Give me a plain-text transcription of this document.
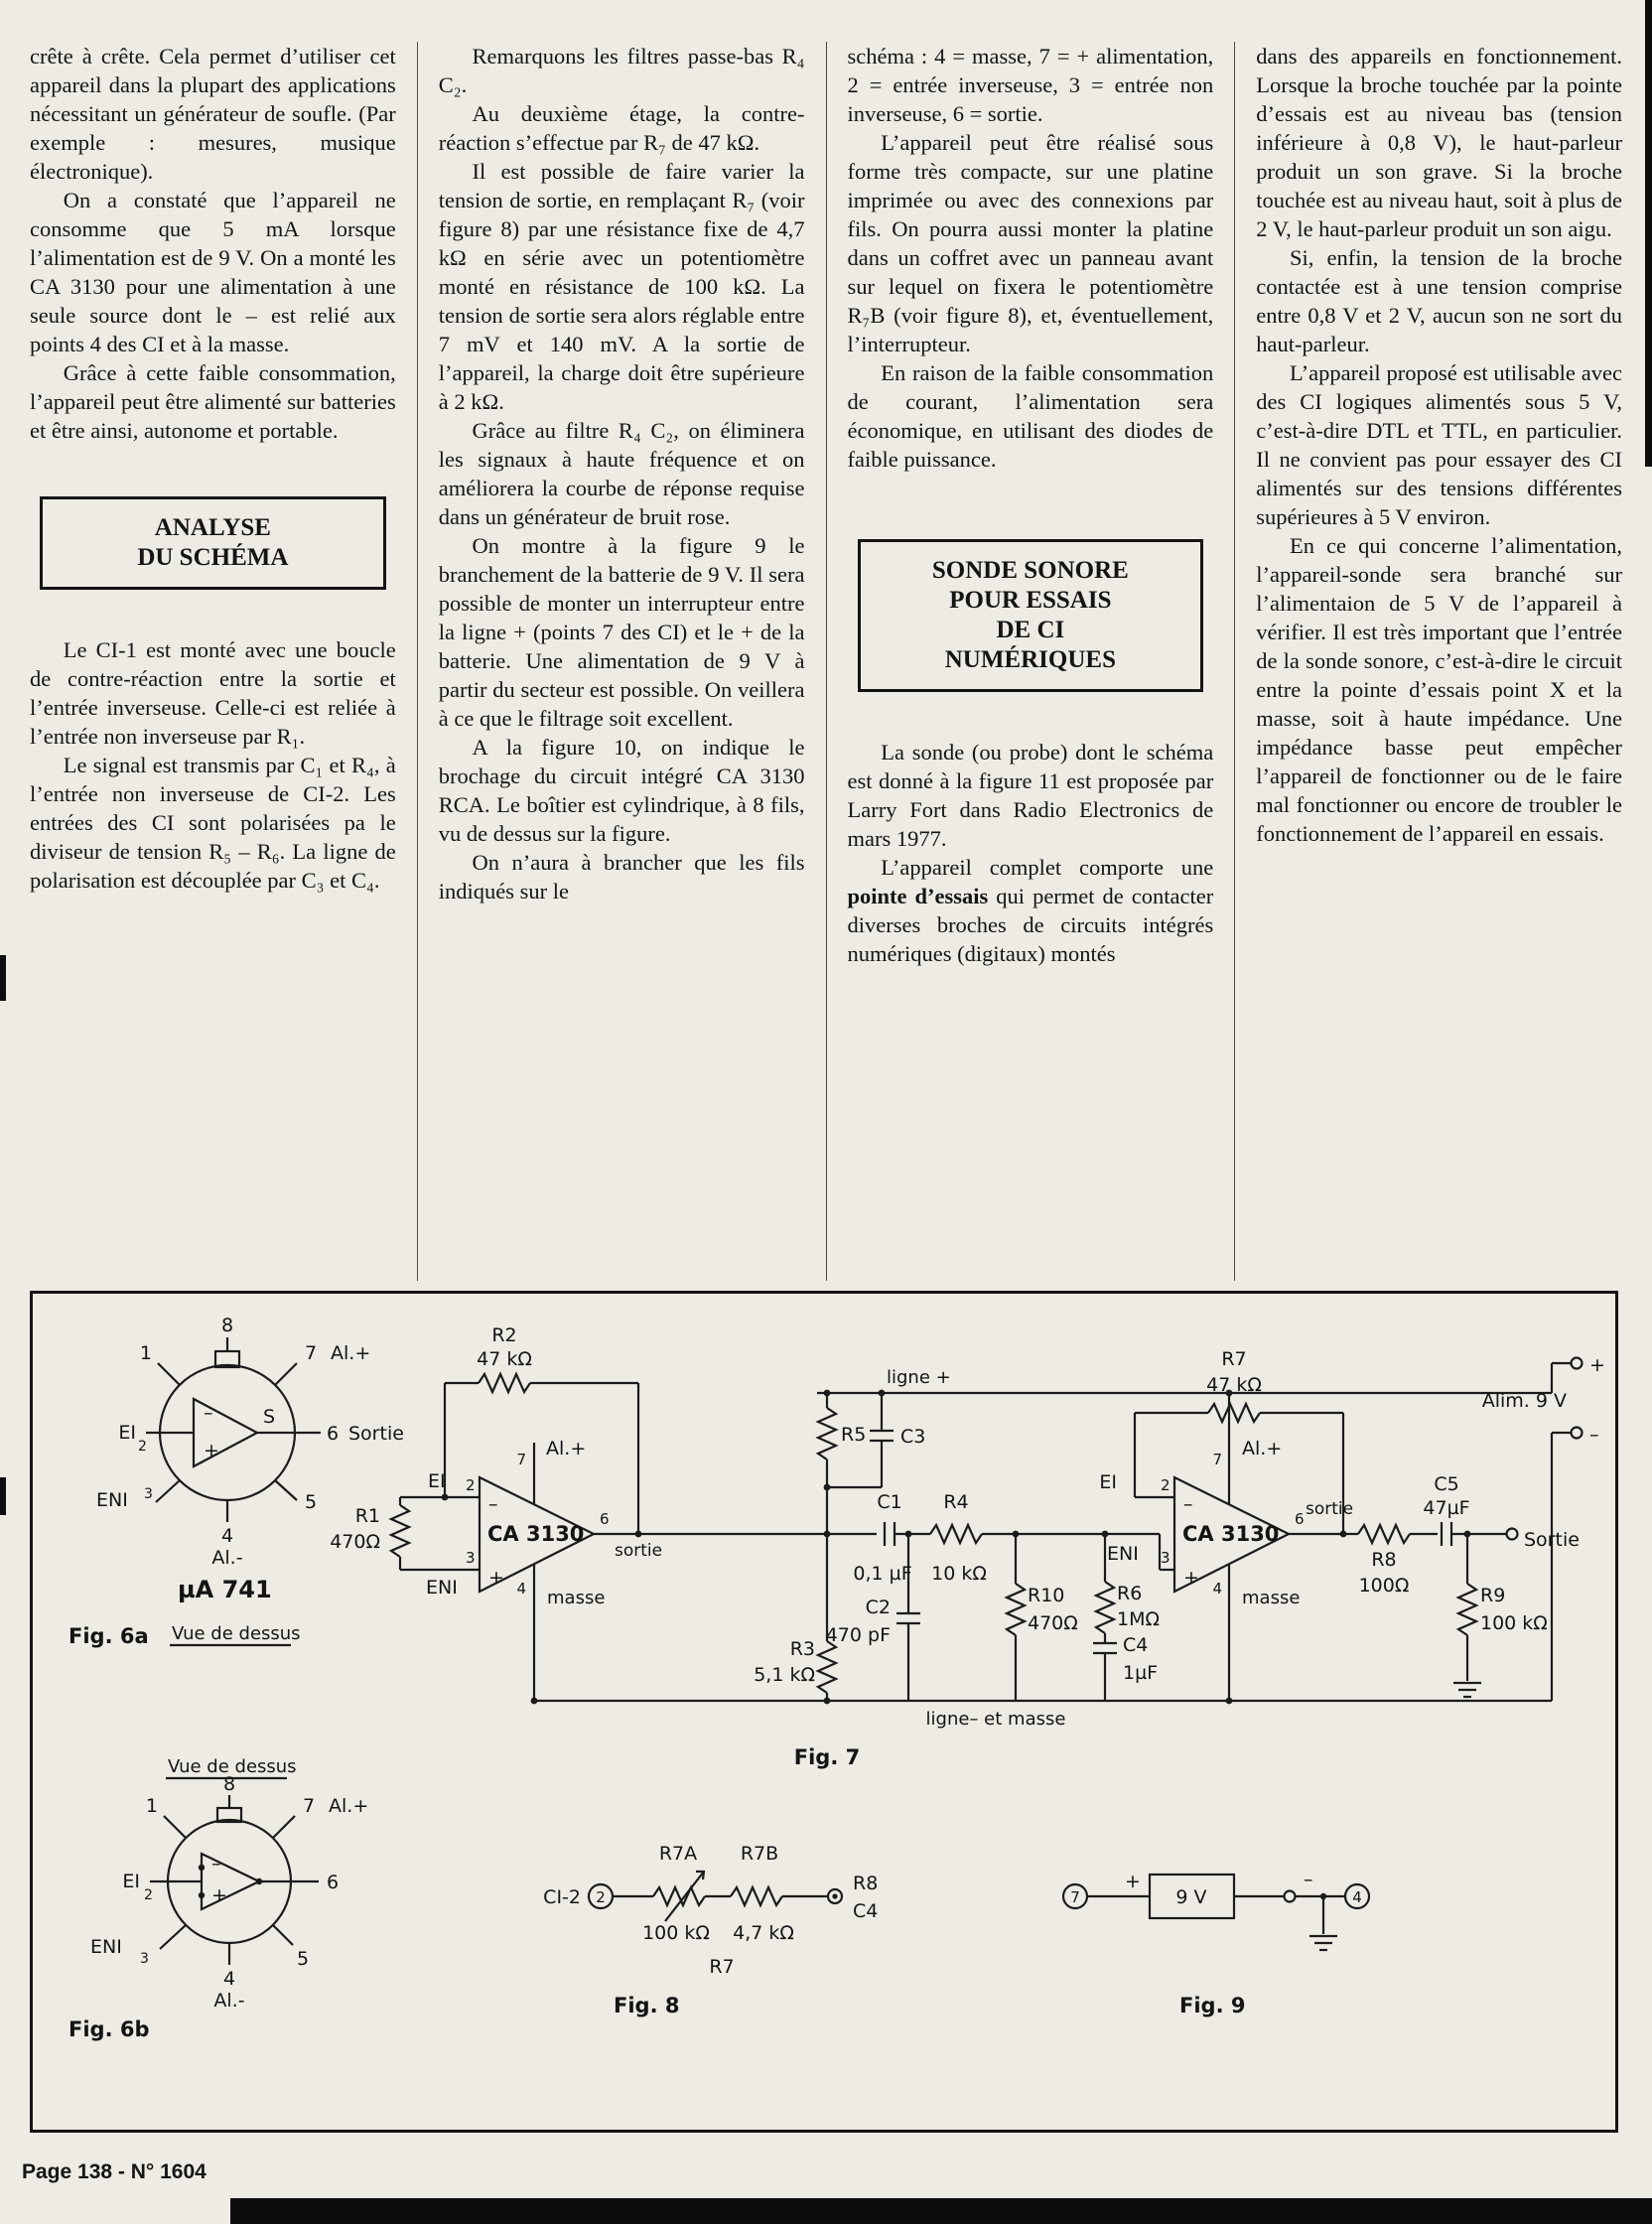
crête à crête. Cela permet d’utiliser cet appareil dans la plupart des applications nécessitant un générateur de soufle. (Par exemple : mesures, musique électronique).

On a constaté que l’appareil ne consomme que 5 mA lorsque l’alimentation est de 9 V. On a monté les CA 3130 pour une alimentation à une seule source dont le – est relié aux points 4 des CI et à la masse.

Grâce à cette faible consommation, l’appareil peut être alimenté sur batteries et être ainsi, autonome et portable.

ANALYSE
DU SCHÉMA

Le CI-1 est monté avec une boucle de contre-réaction entre la sortie et l’entrée inverseuse. Celle-ci est reliée à l’entrée non inverseuse par R₁.

Le signal est transmis par C₁ et R₄, à l’entrée non inverseuse de CI-2. Les entrées des CI sont polarisées pa le diviseur de tension R₅ – R₆. La ligne de polarisation est découplée par C₃ et C₄.

Remarquons les filtres passe-bas R₄ C₂.

Au deuxième étage, la contre-réaction s’effectue par R₇ de 47 kΩ.

Il est possible de faire varier la tension de sortie, en remplaçant R₇ (voir figure 8) par une résistance fixe de 4,7 kΩ en série avec un potentiomètre monté en résistance de 100 kΩ. La tension de sortie sera alors réglable entre 7 mV et 140 mV. A la sortie de l’appareil, la charge doit être supérieure à 2 kΩ.

Grâce au filtre R₄ C₂, on éliminera les signaux à haute fréquence et on améliorera la courbe de réponse requise dans un générateur de bruit rose.

On montre à la figure 9 le branchement de la batterie de 9 V. Il sera possible de monter un interrupteur entre la ligne + (points 7 des CI) et le + de la batterie. Une alimentation de 9 V à partir du secteur est possible. On veillera à ce que le filtrage soit excellent.

A la figure 10, on indique le brochage du circuit intégré CA 3130 RCA. Le boîtier est cylindrique, à 8 fils, vu de dessus sur la figure.

On n’aura à brancher que les fils indiqués sur le

schéma : 4 = masse, 7 = + alimentation, 2 = entrée inverseuse, 3 = entrée non inverseuse, 6 = sortie.

L’appareil peut être réalisé sous forme très compacte, sur une platine imprimée ou avec des connexions par fils. On pourra aussi monter la platine dans un coffret avec un panneau avant sur lequel on fixera le potentiomètre R₇B (voir figure 8), et, éventuellement, l’interrupteur.

En raison de la faible consommation de courant, l’alimentation sera économique, en utilisant des diodes de faible puissance.

SONDE SONORE
POUR ESSAIS
DE CI
NUMÉRIQUES

La sonde (ou probe) dont le schéma est donné à la figure 11 est proposée par Larry Fort dans Radio Electronics de mars 1977.

L’appareil complet comporte une pointe d’essais qui permet de contacter diverses broches de circuits intégrés numériques (digitaux) montés

dans des appareils en fonctionnement. Lorsque la broche touchée par la pointe d’essais est au niveau bas (tension inférieure à 0,8 V), le haut-parleur produit un son grave. Si la broche touchée est au niveau haut, soit à plus de 2 V, le haut-parleur produit un son aigu.

Si, enfin, la tension de la broche contactée est à une tension comprise entre 0,8 V et 2 V, aucun son ne sort du haut-parleur.

L’appareil proposé est utilisable avec des CI logiques alimentés sous 5 V, c’est-à-dire DTL et TTL, en particulier. Il ne convient pas pour essayer des CI alimentés sur des tensions différentes supérieures à 5 V environ.

En ce qui concerne l’alimentation, l’appareil-sonde sera branché sur l’alimentaion de 5 V de l’appareil à vérifier. Il est très important que l’entrée de la sonde sonore, c’est-à-dire le circuit entre la pointe d’essais point X et la masse, soit à haute impédance. Une impédance basse peut empêcher l’appareil de fonctionner ou de le faire mal fonctionner ou encore de troubler le fonctionnement de l’appareil en essais.

8
1	7 Al.+
EI
2
–
+
S
6 Sortie
ENI 3	5
4
Al.-
µA 741
Vue de dessus
Fig. 6a
Vue de dessus
8
1	7 Al.+
EI
2
–
+
6
ENI
3	5
4
Al.-
Fig. 6b
EI 2
–
ENI
3
+
CA 3130
7 Al.+
4 masse
6
sortie
R1
470Ω
R2
47 kΩ
R3
5,1 kΩ
R5 C3
C1
0,1 µF
R4
10 kΩ
C2
470 pF
R10
470Ω
R6
1MΩ
C4
1µF
EI	2
–
ENI 3
+
CA 3130
7 Al.+
4 masse
6 sortie
R7
47 kΩ
R8
100Ω
C5
47µF
R9
100 kΩ
ligne +
ligne– et masse
+
Alim. 9 V
–
Sortie
Fig. 7
CI-2 2
R7A
100 kΩ
R7B
4,7 kΩ
R8
C4
R7
Fig. 8
7
+
9 V
–
4
Fig. 9
Page 138 - N° 1604
